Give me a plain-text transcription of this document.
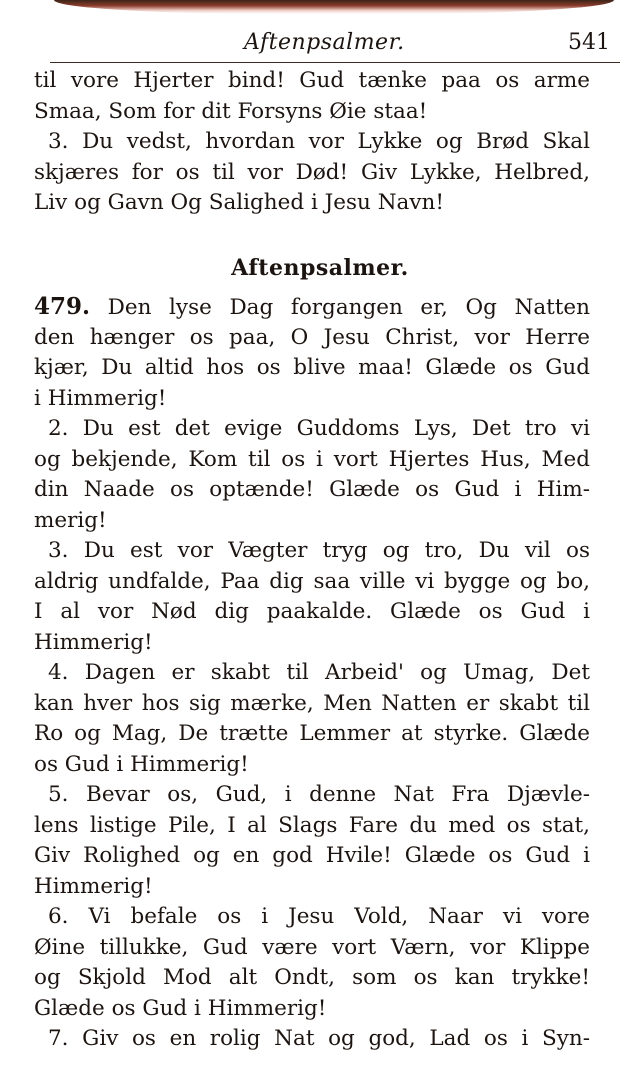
Aftenpsalmer.	541
til vore Hjerter bind! Gud tænke paa os arme
Smaa, Som for dit Forsyns Øie staa!
3. Du vedst, hvordan vor Lykke og Brød Skal
skjæres for os til vor Død! Giv Lykke, Helbred,
Liv og Gavn Og Salighed i Jesu Navn!
Aftenpsalmer.
479. Den lyse Dag forgangen er, Og Natten
den hænger os paa, O Jesu Christ, vor Herre
kjær, Du altid hos os blive maa! Glæde os Gud
i Himmerig!
2. Du est det evige Guddoms Lys, Det tro vi
og bekjende, Kom til os i vort Hjertes Hus, Med
din Naade os optænde! Glæde os Gud i Him-
merig!
3. Du est vor Vægter tryg og tro, Du vil os
aldrig undfalde, Paa dig saa ville vi bygge og bo,
I al vor Nød dig paakalde. Glæde os Gud i
Himmerig!
4. Dagen er skabt til Arbeid' og Umag, Det
kan hver hos sig mærke, Men Natten er skabt til
Ro og Mag, De trætte Lemmer at styrke. Glæde
os Gud i Himmerig!
5. Bevar os, Gud, i denne Nat Fra Djævle-
lens listige Pile, I al Slags Fare du med os stat,
Giv Rolighed og en god Hvile! Glæde os Gud i
Himmerig!
6. Vi befale os i Jesu Vold, Naar vi vore
Øine tillukke, Gud være vort Værn, vor Klippe
og Skjold Mod alt Ondt, som os kan trykke!
Glæde os Gud i Himmerig!
7. Giv os en rolig Nat og god, Lad os i Syn-
